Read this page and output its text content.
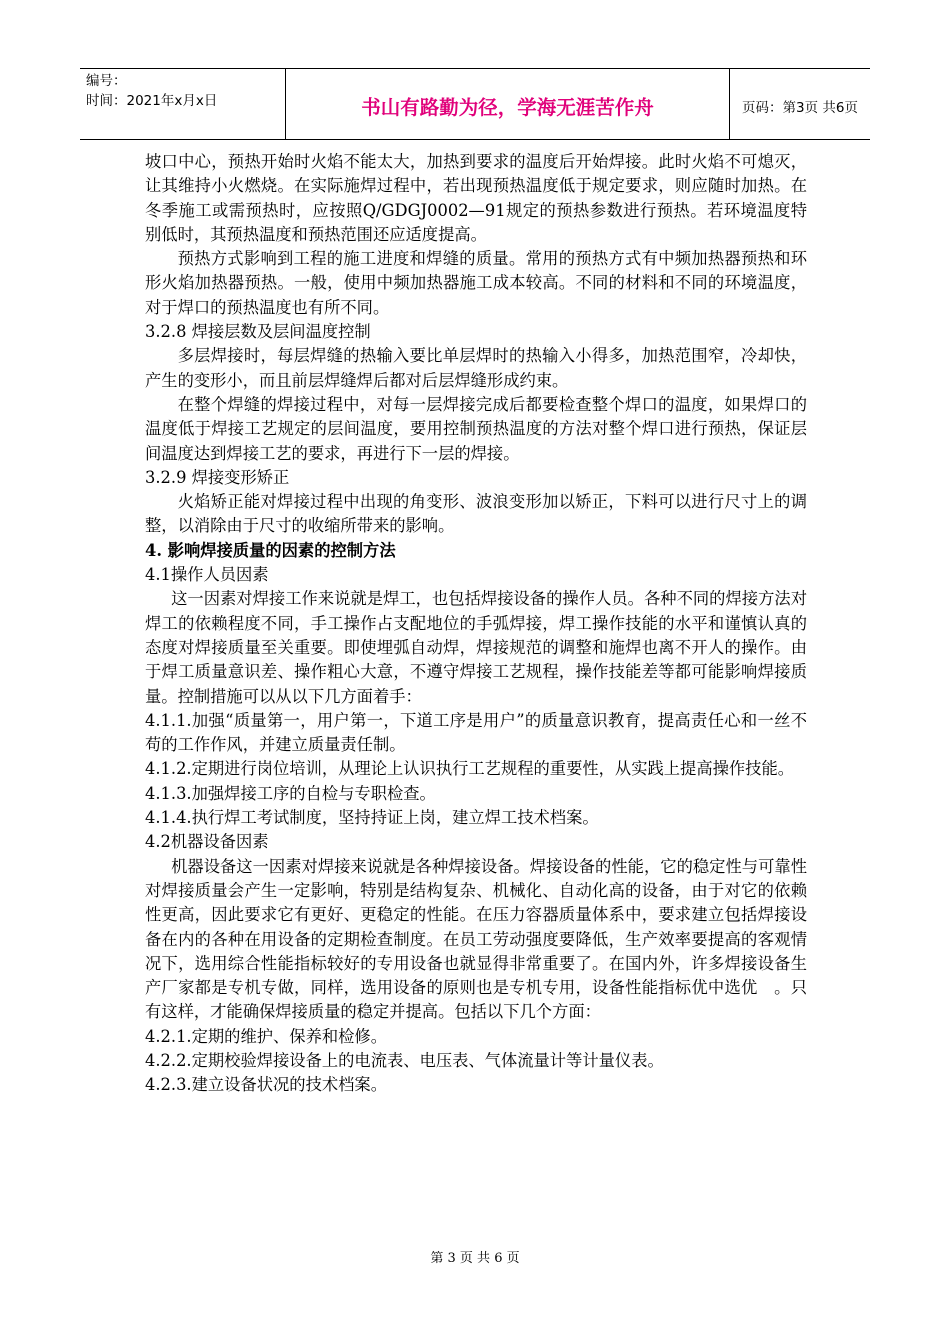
编号：
时间：2021年x月x日	书山有路勤为径，学海无涯苦作舟	页码：第3页 共6页

坡口中心，预热开始时火焰不能太大，加热到要求的温度后开始焊接。此时火焰不可熄灭，让其维持小火燃烧。在实际施焊过程中，若出现预热温度低于规定要求，则应随时加热。在冬季施工或需预热时，应按照Q/GDGJ0002—91规定的预热参数进行预热。若环境温度特别低时，其预热温度和预热范围还应适度提高。

预热方式影响到工程的施工进度和焊缝的质量。常用的预热方式有中频加热器预热和环形火焰加热器预热。一般，使用中频加热器施工成本较高。不同的材料和不同的环境温度，对于焊口的预热温度也有所不同。

3.2.8 焊接层数及层间温度控制

多层焊接时，每层焊缝的热输入要比单层焊时的热输入小得多，加热范围窄，冷却快，产生的变形小，而且前层焊缝焊后都对后层焊缝形成约束。

在整个焊缝的焊接过程中，对每一层焊接完成后都要检查整个焊口的温度，如果焊口的温度低于焊接工艺规定的层间温度，要用控制预热温度的方法对整个焊口进行预热，保证层间温度达到焊接工艺的要求，再进行下一层的焊接。

3.2.9 焊接变形矫正

火焰矫正能对焊接过程中出现的角变形、波浪变形加以矫正，下料可以进行尺寸上的调整，以消除由于尺寸的收缩所带来的影响。

4. 影响焊接质量的因素的控制方法

4.1操作人员因素

这一因素对焊接工作来说就是焊工，也包括焊接设备的操作人员。各种不同的焊接方法对焊工的依赖程度不同，手工操作占支配地位的手弧焊接，焊工操作技能的水平和谨慎认真的态度对焊接质量至关重要。即使埋弧自动焊，焊接规范的调整和施焊也离不开人的操作。由于焊工质量意识差、操作粗心大意，不遵守焊接工艺规程，操作技能差等都可能影响焊接质量。控制措施可以从以下几方面着手：

4.1.1.加强“质量第一，用户第一，下道工序是用户”的质量意识教育，提高责任心和一丝不苟的工作作风，并建立质量责任制。

4.1.2.定期进行岗位培训，从理论上认识执行工艺规程的重要性，从实践上提高操作技能。

4.1.3.加强焊接工序的自检与专职检查。

4.1.4.执行焊工考试制度，坚持持证上岗，建立焊工技术档案。

4.2机器设备因素

机器设备这一因素对焊接来说就是各种焊接设备。焊接设备的性能，它的稳定性与可靠性对焊接质量会产生一定影响，特别是结构复杂、机械化、自动化高的设备，由于对它的依赖性更高，因此要求它有更好、更稳定的性能。在压力容器质量体系中，要求建立包括焊接设备在内的各种在用设备的定期检查制度。在员工劳动强度要降低，生产效率要提高的客观情况下，选用综合性能指标较好的专用设备也就显得非常重要了。在国内外，许多焊接设备生产厂家都是专机专做，同样，选用设备的原则也是专机专用，设备性能指标优中选优　。只有这样，才能确保焊接质量的稳定并提高。包括以下几个方面：

4.2.1.定期的维护、保养和检修。

4.2.2.定期校验焊接设备上的电流表、电压表、气体流量计等计量仪表。

4.2.3.建立设备状况的技术档案。

第 3 页 共 6 页
